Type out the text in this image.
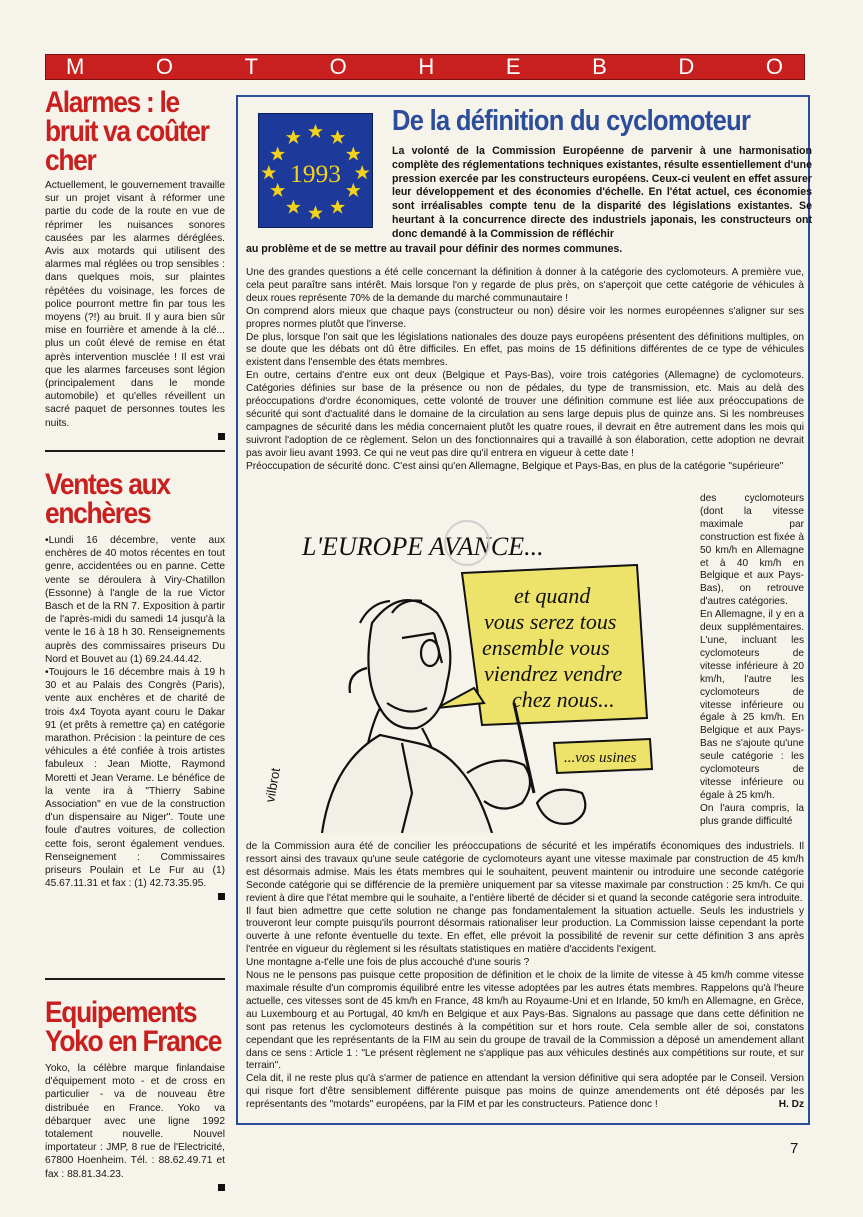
M	O	T	O	H	E	B	D	O
Alarmes : le bruit va coûter cher

Actuellement, le gouvernement travaille sur un projet visant à réformer une partie du code de la route en vue de réprimer les nuisances sonores causées par les alarmes déréglées. Avis aux motards qui utilisent des alarmes mal réglées ou trop sensibles : dans quelques mois, sur plaintes répétées du voisinage, les forces de police pourront mettre fin par tous les moyens (?!) au bruit. Il y aura bien sûr mise en fourrière et amende à la clé... plus un coût élevé de remise en état après intervention musclée ! Il est vrai que les alarmes farceuses sont légion (principalement dans le monde automobile) et qu'elles réveillent un sacré paquet de personnes toutes les nuits.

Ventes aux enchères

•Lundi 16 décembre, vente aux enchères de 40 motos récentes en tout genre, accidentées ou en panne. Cette vente se déroulera à Viry-Chatillon (Essonne) à l'angle de la rue Victor Basch et de la RN 7. Exposition à partir de l'après-midi du samedi 14 jusqu'à la vente le 16 à 18 h 30. Renseignements auprès des commissaires priseurs Du Nord et Bouvet au (1) 69.24.44.42.

•Toujours le 16 décembre mais à 19 h 30 et au Palais des Congrès (Paris), vente aux enchères et de charité de trois 4x4 Toyota ayant couru le Dakar 91 (et prêts à remettre ça) en catégorie marathon. Précision : la peinture de ces véhicules a été confiée à trois artistes fabuleux : Jean Miotte, Raymond Moretti et Jean Verame. Le bénéfice de la vente ira à "Thierry Sabine Association" en vue de la construction d'un dispensaire au Niger". Toute une foule d'autres voitures, de collection cette fois, seront également vendues. Renseignement : Commissaires priseurs Poulain et Le Fur au (1) 45.67.11.31 et fax : (1) 42.73.35.95.

Equipements Yoko en France

Yoko, la célèbre marque finlandaise d'équipement moto - et de cross en particulier - va de nouveau être distribuée en France. Yoko va débarquer avec une ligne 1992 totalement nouvelle. Nouvel importateur : JMP, 8 rue de l'Electricité, 67800 Hoenheim. Tél. : 88.62.49.71 et fax : 88.81.34.23.

1993
De la définition du cyclomoteur

La volonté de la Commission Européenne de parvenir à une harmonisation complète des réglementations techniques existantes, résulte essentiellement d'une pression exercée par les constructeurs européens. Ceux-ci veulent en effet assurer leur développement et des économies d'échelle. En l'état actuel, ces économies sont irréalisables compte tenu de la disparité des législations existantes. Se heurtant à la concurrence directe des industriels japonais, les constructeurs ont donc demandé à la Commission de réfléchir

au problème et de se mettre au travail pour définir des normes communes.

Une des grandes questions a été celle concernant la définition à donner à la catégorie des cyclomoteurs. A première vue, cela peut paraître sans intérêt. Mais lorsque l'on y regarde de plus près, on s'aperçoit que cette catégorie de véhicules à deux roues représente 70% de la demande du marché communautaire !

On comprend alors mieux que chaque pays (constructeur ou non) désire voir les normes européennes s'aligner sur ses propres normes plutôt que l'inverse.

De plus, lorsque l'on sait que les législations nationales des douze pays européens présentent des définitions multiples, on se doute que les débats ont dû être difficiles. En effet, pas moins de 15 définitions différentes de ce type de véhicules existent dans l'ensemble des états membres.

En outre, certains d'entre eux ont deux (Belgique et Pays-Bas), voire trois catégories (Allemagne) de cyclomoteurs. Catégories définies sur base de la présence ou non de pédales, du type de transmission, etc. Mais au delà des préoccupations d'ordre économiques, cette volonté de trouver une définition commune est liée aux préoccupations de sécurité qui sont d'actualité dans le domaine de la circulation au sens large depuis plus de quinze ans. Si les nombreuses campagnes de sécurité dans les média concernaient plutôt les quatre roues, il devrait en être autrement dans les mois qui suivront l'adoption de ce règlement. Selon un des fonctionnaires qui a travaillé à son élaboration, cette adoption ne devrait pas avoir lieu avant 1993. Ce qui ne veut pas dire qu'il entrera en vigueur à cette date !

Préoccupation de sécurité donc. C'est ainsi qu'en Allemagne, Belgique et Pays-Bas, en plus de la catégorie "supérieure"

L'EUROPE AVANCE...
et quand vous serez tous ensemble vous viendrez vendre chez nous...
...vos usines
vilbrot

des cyclomoteurs (dont la vitesse maximale par construction est fixée à 50 km/h en Allemagne et à 40 km/h en Belgique et aux Pays-Bas), on retrouve d'autres catégories.

En Allemagne, il y en a deux supplémentaires. L'une, incluant les cyclomoteurs de vitesse inférieure à 20 km/h, l'autre les cyclomoteurs de vitesse inférieure ou égale à 25 km/h. En Belgique et aux Pays-Bas ne s'ajoute qu'une seule catégorie : les cyclomoteurs de vitesse inférieure ou égale à 25 km/h.

On l'aura compris, la plus grande difficulté

de la Commission aura été de concilier les préoccupations de sécurité et les impératifs économiques des industriels. Il ressort ainsi des travaux qu'une seule catégorie de cyclomoteurs ayant une vitesse maximale par construction de 45 km/h est désormais admise. Mais les états membres qui le souhaitent, peuvent maintenir ou introduire une seconde catégorie Seconde catégorie qui se différencie de la première uniquement par sa vitesse maximale par construction : 25 km/h. Ce qui revient à dire que l'état membre qui le souhaite, a l'entière liberté de décider si et quand la seconde catégorie sera introduite.

Il faut bien admettre que cette solution ne change pas fondamentalement la situation actuelle. Seuls les industriels y trouveront leur compte puisqu'ils pourront désormais rationaliser leur production. La Commission laisse cependant la porte ouverte à une refonte éventuelle du texte. En effet, elle prévoit la possibilité de revenir sur cette définition 3 ans après l'entrée en vigueur du règlement si les résultats statistiques en matière d'accidents l'exigent.

Une montagne a-t'elle une fois de plus accouché d'une souris ?

Nous ne le pensons pas puisque cette proposition de définition et le choix de la limite de vitesse à 45 km/h comme vitesse maximale résulte d'un compromis équilibré entre les vitesse adoptées par les autres états membres. Rappelons qu'à l'heure actuelle, ces vitesses sont de 45 km/h en France, 48 km/h au Royaume-Uni et en Irlande, 50 km/h en Allemagne, en Grèce, au Luxembourg et au Portugal, 40 km/h en Belgique et aux Pays-Bas. Signalons au passage que dans cette définition ne sont pas retenus les cyclomoteurs destinés à la compétition sur et hors route. Cela semble aller de soi, constatons cependant que les représentants de la FIM au sein du groupe de travail de la Commission a déposé un amendement allant dans ce sens : Article 1 : "Le présent règlement ne s'applique pas aux véhicules destinés aux compétitions sur route, et sur terrain".

Cela dit, il ne reste plus qu'à s'armer de patience en attendant la version définitive qui sera adoptée par le Conseil. Version qui risque fort d'être sensiblement différente puisque pas moins de quinze amendements ont été déposés par les représentants des "motards" européens, par la FIM et par les constructeurs. Patience donc !	H. Dz

7
